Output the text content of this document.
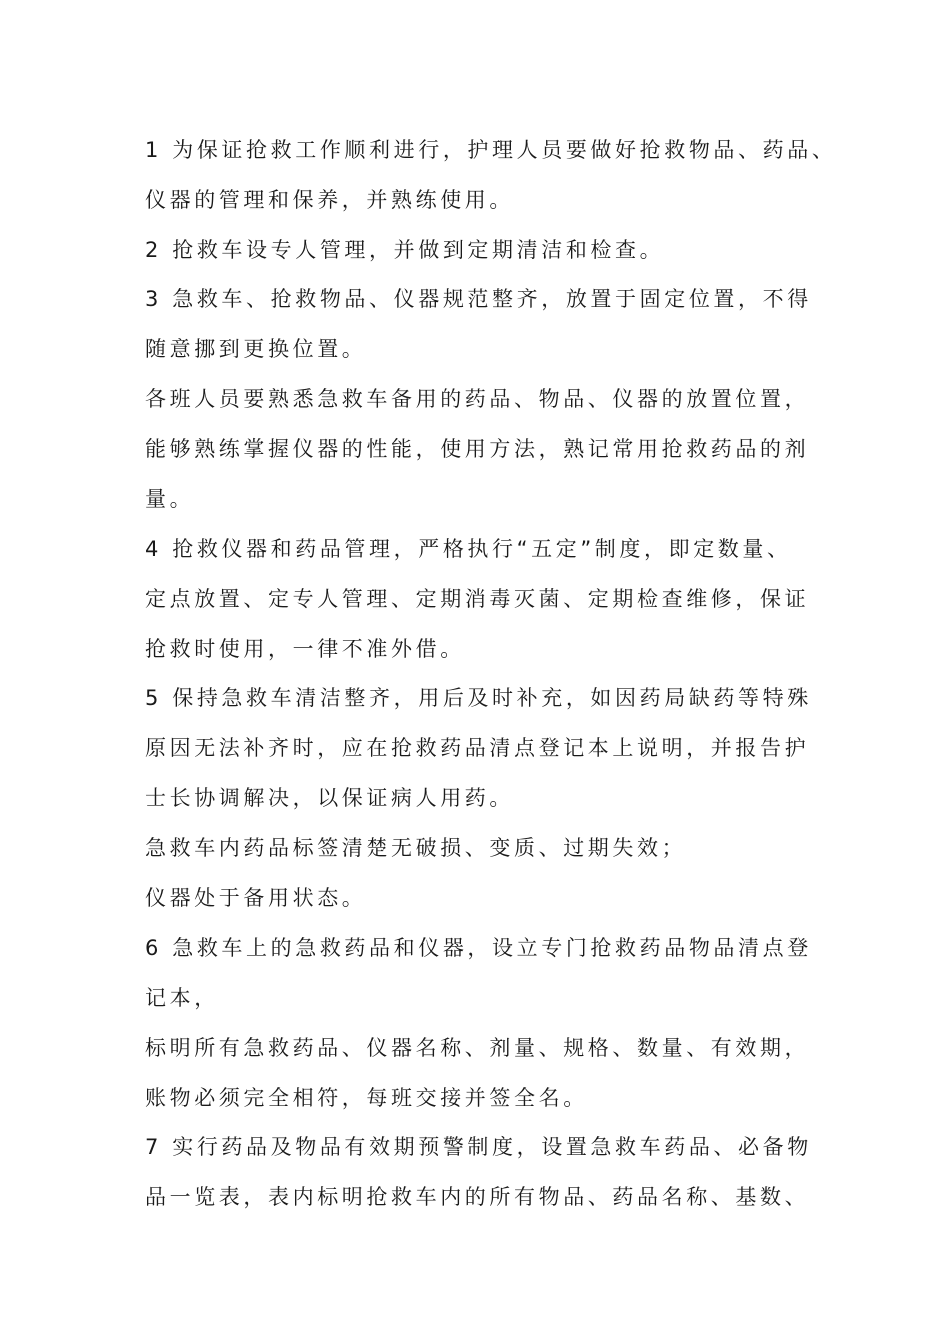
1 为保证抢救工作顺利进行，护理人员要做好抢救物品、药品、
仪器的管理和保养，并熟练使用。
2 抢救车设专人管理，并做到定期清洁和检查。
3 急救车、抢救物品、仪器规范整齐，放置于固定位置，不得
随意挪到更换位置。
各班人员要熟悉急救车备用的药品、物品、仪器的放置位置，
能够熟练掌握仪器的性能，使用方法，熟记常用抢救药品的剂
量。
4 抢救仪器和药品管理，严格执行“五定”制度，即定数量、
定点放置、定专人管理、定期消毒灭菌、定期检查维修，保证
抢救时使用，一律不准外借。
5 保持急救车清洁整齐，用后及时补充，如因药局缺药等特殊
原因无法补齐时，应在抢救药品清点登记本上说明，并报告护
士长协调解决，以保证病人用药。
急救车内药品标签清楚无破损、变质、过期失效；
仪器处于备用状态。
6 急救车上的急救药品和仪器，设立专门抢救药品物品清点登
记本，
标明所有急救药品、仪器名称、剂量、规格、数量、有效期，
账物必须完全相符，每班交接并签全名。
7 实行药品及物品有效期预警制度，设置急救车药品、必备物
品一览表，表内标明抢救车内的所有物品、药品名称、基数、
